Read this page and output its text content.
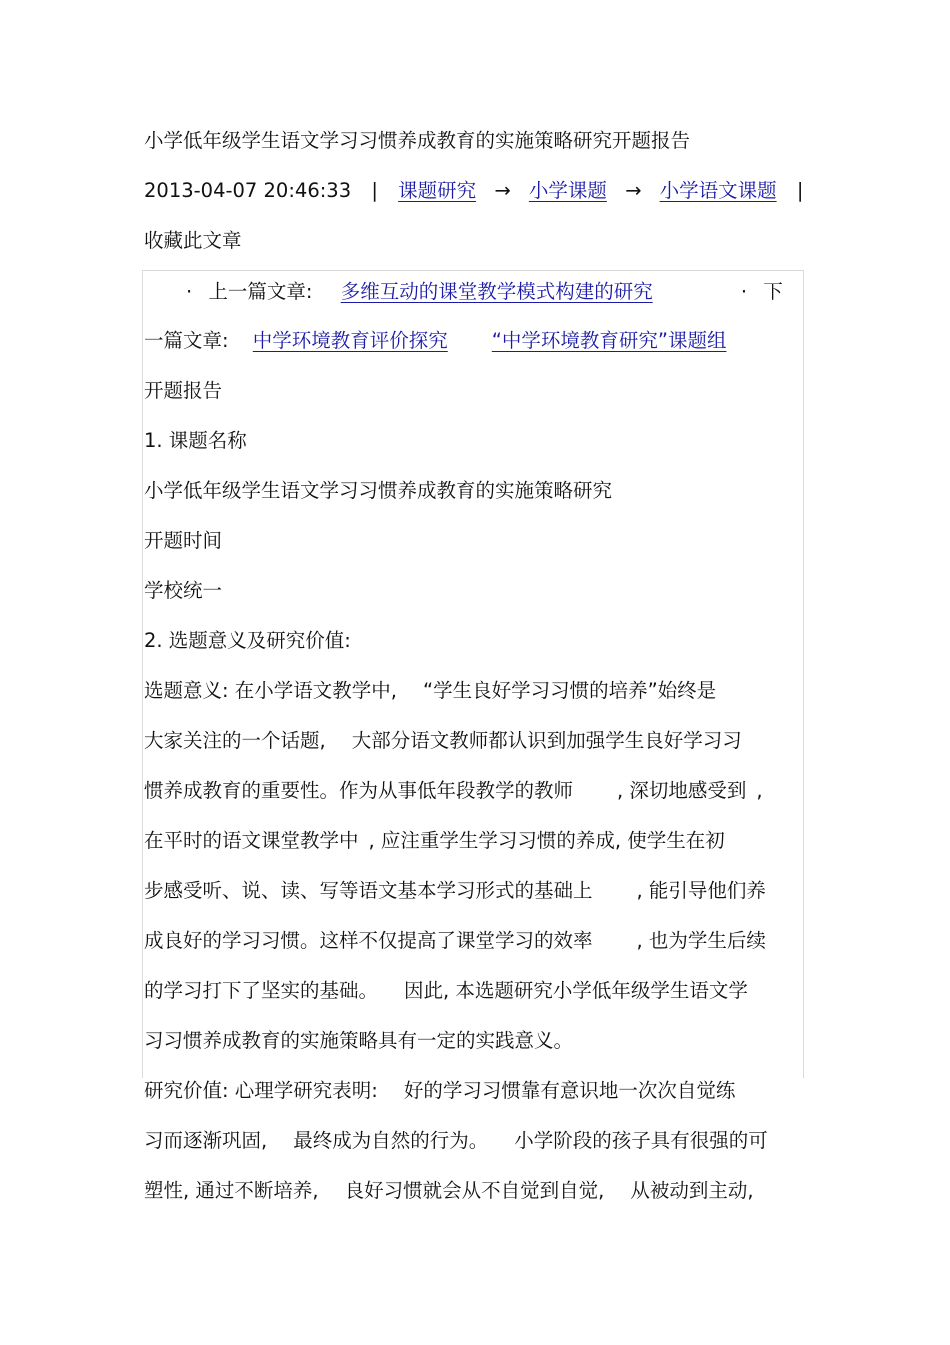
小学低年级学生语文学习习惯养成教育的实施策略研究开题报告
2013-04-07 20:46:33 | 课题研究 → 小学课题 → 小学语文课题 |
收藏此文章
· 上一篇文章: 多维互动的课堂教学模式构建的研究	· 下
一篇文章: 中学环境教育评价探究 “中学环境教育研究”课题组
开题报告
1. 课题名称
小学低年级学生语文学习习惯养成教育的实施策略研究
开题时间
学校统一
2. 选题意义及研究价值:
选题意义: 在小学语文教学中, “学生良好学习习惯的培养”始终是
大家关注的一个话题, 大部分语文教师都认识到加强学生良好学习习
惯养成教育的重要性。作为从事低年段教学的教师 , 深切地感受到 ,
在平时的语文课堂教学中 , 应注重学生学习习惯的养成, 使学生在初
步感受听、说、读、写等语文基本学习形式的基础上 , 能引导他们养
成良好的学习习惯。这样不仅提高了课堂学习的效率 , 也为学生后续
的学习打下了坚实的基础。 因此, 本选题研究小学低年级学生语文学
习习惯养成教育的实施策略具有一定的实践意义。
研究价值: 心理学研究表明: 好的学习习惯靠有意识地一次次自觉练
习而逐渐巩固, 最终成为自然的行为。 小学阶段的孩子具有很强的可
塑性, 通过不断培养, 良好习惯就会从不自觉到自觉, 从被动到主动,
